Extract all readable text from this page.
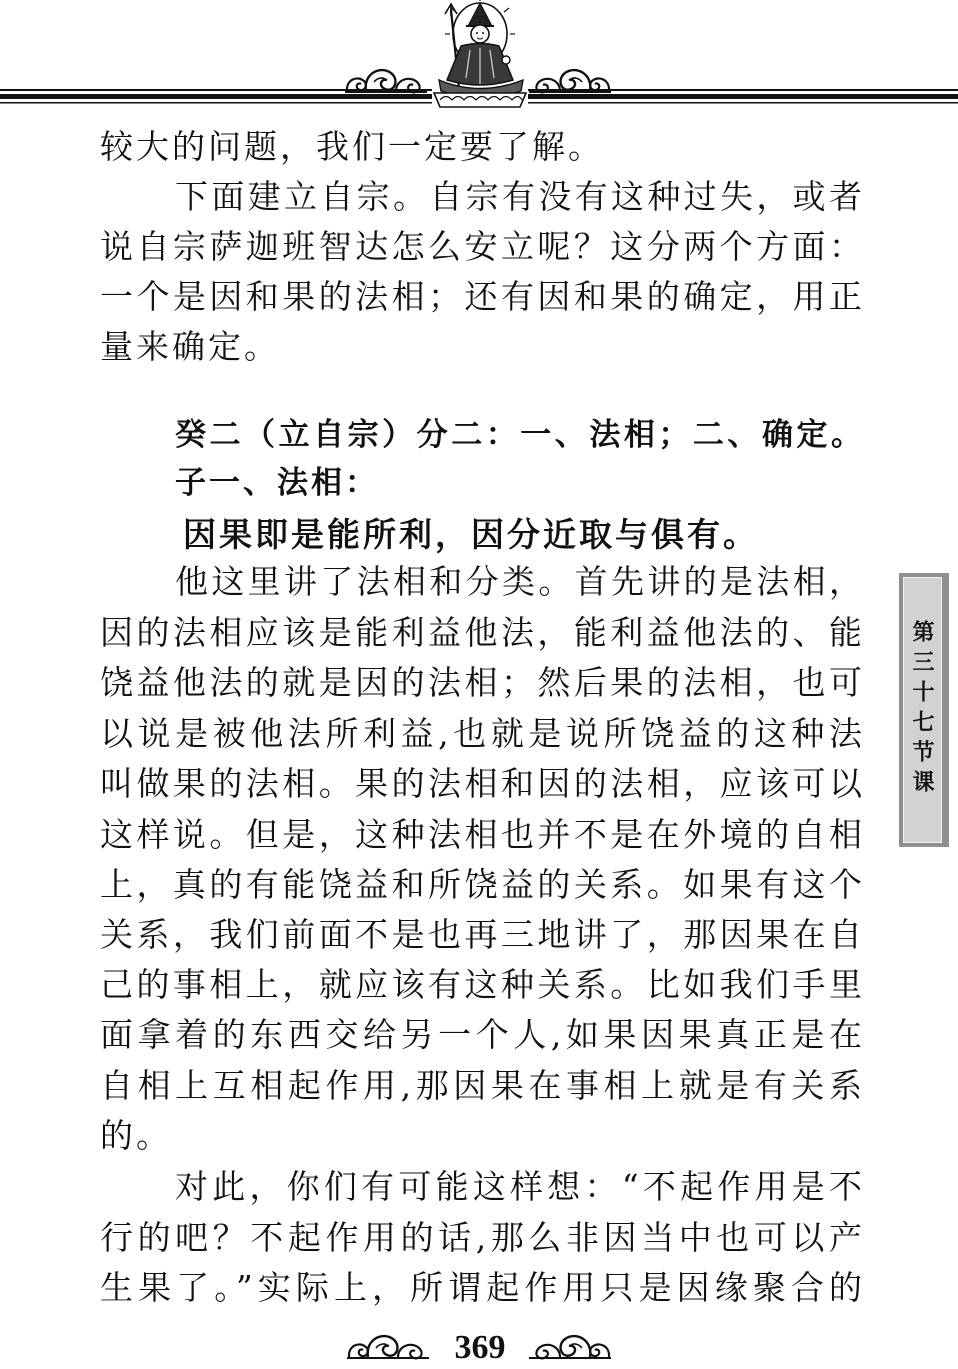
较大的问题，我们一定要了解。
下面建立自宗。自宗有没有这种过失，或者
说自宗萨迦班智达怎么安立呢？这分两个方面：
一个是因和果的法相；还有因和果的确定，用正
量来确定。
癸二（立自宗）分二：一、法相；二、确定。
子一、法相：
因果即是能所利，因分近取与俱有。
他这里讲了法相和分类。首先讲的是法相，
因的法相应该是能利益他法，能利益他法的、能
饶益他法的就是因的法相；然后果的法相，也可
以说是被他法所利益,也就是说所饶益的这种法
叫做果的法相。果的法相和因的法相，应该可以
这样说。但是，这种法相也并不是在外境的自相
上，真的有能饶益和所饶益的关系。如果有这个
关系，我们前面不是也再三地讲了，那因果在自
己的事相上，就应该有这种关系。比如我们手里
面拿着的东西交给另一个人,如果因果真正是在
自相上互相起作用,那因果在事相上就是有关系
的。
对此，你们有可能这样想：“不起作用是不
行的吧？不起作用的话,那么非因当中也可以产
生果了。”实际上，所谓起作用只是因缘聚合的
第三十七节课
369
